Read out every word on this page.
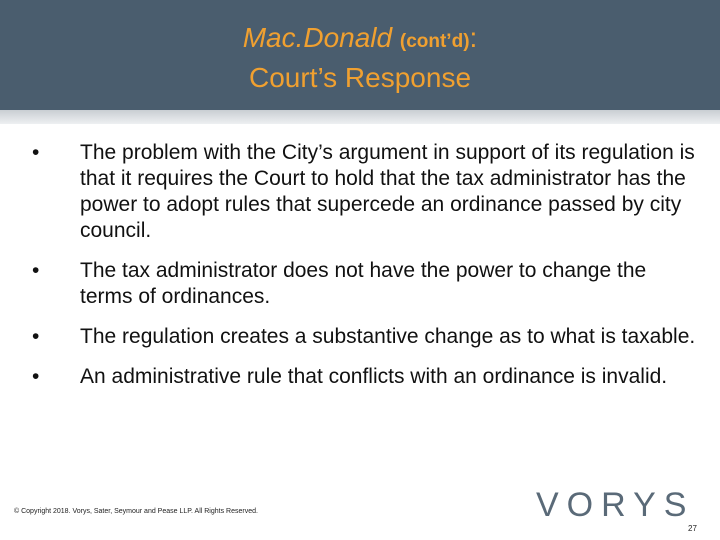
Mac.Donald (cont’d):
Court’s Response
• The problem with the City’s argument in support of its regulation is that it requires the Court to hold that the tax administrator has the power to adopt rules that supercede an ordinance passed by city council.
• The tax administrator does not have the power to change the terms of ordinances.
• The regulation creates a substantive change as to what is taxable.
• An administrative rule that conflicts with an ordinance is invalid.
© Copyright 2018. Vorys, Sater, Seymour and Pease LLP. All Rights Reserved.	VORYS
27
